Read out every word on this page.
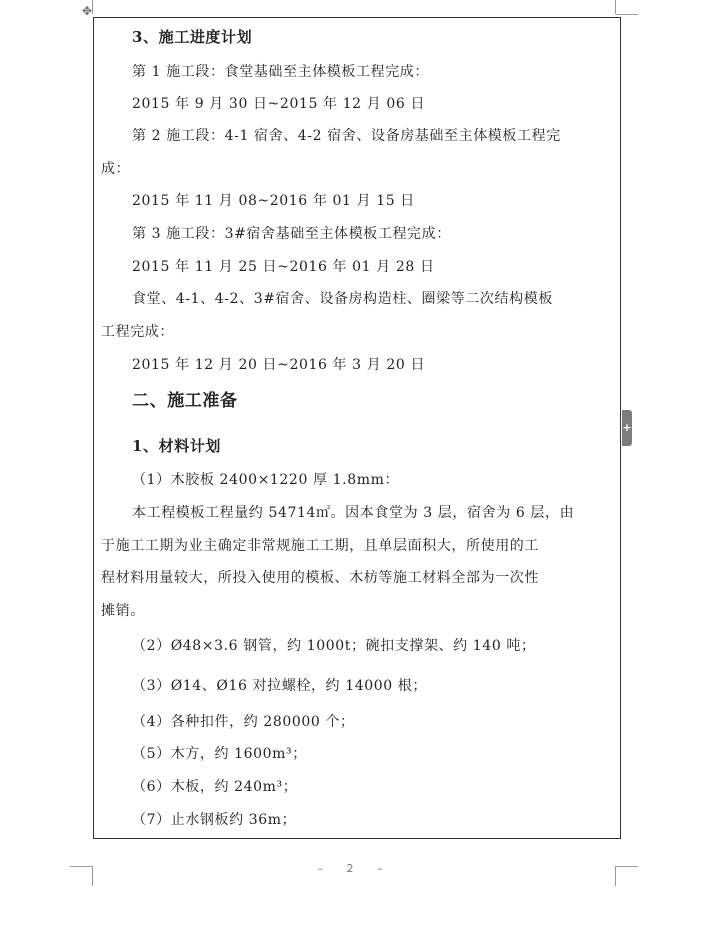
✥
+
3、施工进度计划
第 1 施工段：食堂基础至主体模板工程完成：
2015 年 9 月 30 日~2015 年 12 月 06 日
第 2 施工段：4-1 宿舍、4-2 宿舍、设备房基础至主体模板工程完
成：
2015 年 11 月 08~2016 年 01 月 15 日
第 3 施工段：3#宿舍基础至主体模板工程完成：
2015 年 11 月 25 日~2016 年 01 月 28 日
食堂、4-1、4-2、3#宿舍、设备房构造柱、圈梁等二次结构模板
工程完成：
2015 年 12 月 20 日~2016 年 3 月 20 日
二、施工准备
1、材料计划
（1）木胶板 2400×1220 厚 1.8mm：
本工程模板工程量约 54714㎡。因本食堂为 3 层，宿舍为 6 层，由
于施工工期为业主确定非常规施工工期，且单层面积大，所使用的工
程材料用量较大，所投入使用的模板、木枋等施工材料全部为一次性
摊销。
（2）Ø48×3.6 钢管，约 1000t；碗扣支撑架、约 140 吨；
（3）Ø14、Ø16 对拉螺栓，约 14000 根；
（4）各种扣件，约 280000 个；
（5）木方，约 1600m³；
（6）木板，约 240m³；
（7）止水钢板约 36m；
– 2 –
